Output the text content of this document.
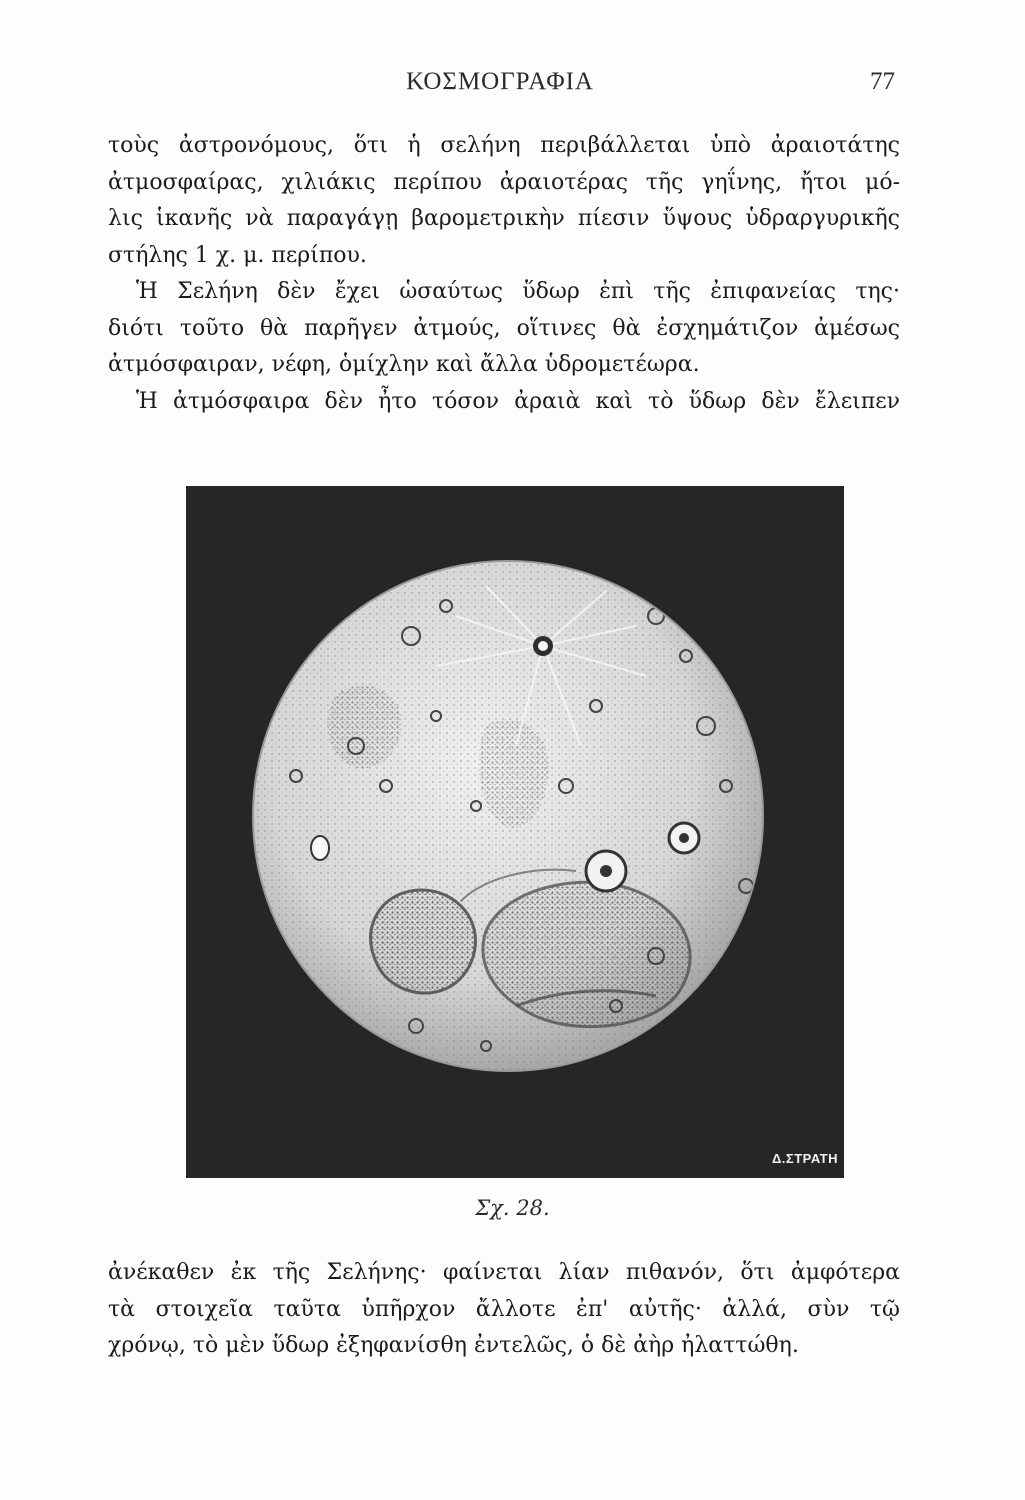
ΚΟΣΜΟΓΡΑΦΙΑ	77
τοὺς ἀστρονόμους, ὅτι ἡ σελήνη περιβάλλεται ὑπὸ ἀραιοτάτης
ἀτμοσφαίρας, χιλιάκις περίπου ἀραιοτέρας τῆς γηΐνης, ἤτοι μό-
λις ἱκανῆς νὰ παραγάγῃ βαρομετρικὴν πίεσιν ὕψους ὑδραργυρικῆς
στήλης 1 χ. μ. περίπου.
Ἡ Σελήνη δὲν ἔχει ὡσαύτως ὕδωρ ἐπὶ τῆς ἐπιφανείας της·
διότι τοῦτο θὰ παρῆγεν ἀτμούς, οἵτινες θὰ ἐσχημάτιζον ἀμέσως
ἀτμόσφαιραν, νέφη, ὁμίχλην καὶ ἄλλα ὑδρομετέωρα.
Ἡ ἀτμόσφαιρα δὲν ἦτο τόσον ἀραιὰ καὶ τὸ ὕδωρ δὲν ἔλειπεν
Δ.ΣΤΡΑΤΗ
Σχ. 28.
ἀνέκαθεν ἐκ τῆς Σελήνης· φαίνεται λίαν πιθανόν, ὅτι ἀμφότερα
τὰ στοιχεῖα ταῦτα ὑπῆρχον ἄλλοτε ἐπ' αὐτῆς· ἀλλά, σὺν τῷ
χρόνῳ, τὸ μὲν ὕδωρ ἐξηφανίσθη ἐντελῶς, ὁ δὲ ἀὴρ ἠλαττώθη.
